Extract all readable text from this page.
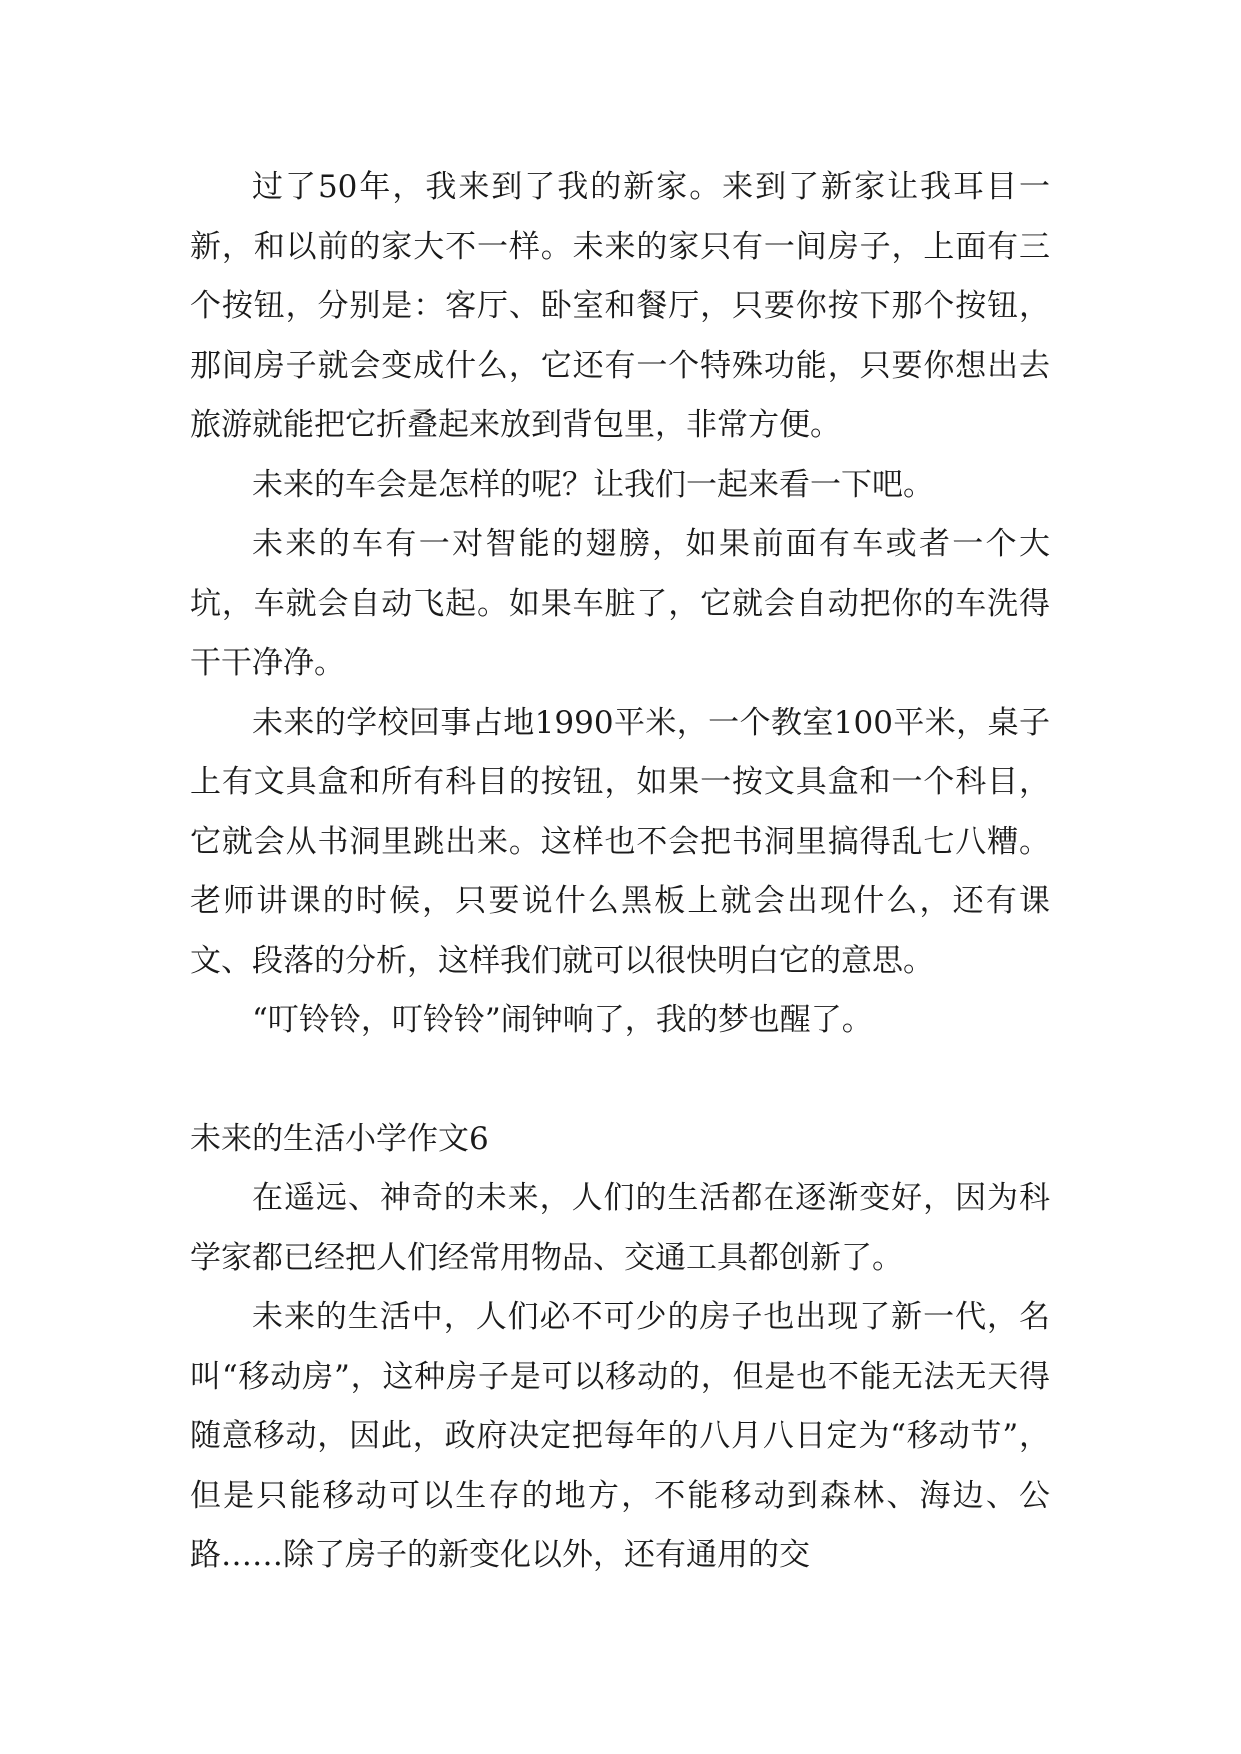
过了50年，我来到了我的新家。来到了新家让我耳目一新，和以前的家大不一样。未来的家只有一间房子，上面有三个按钮，分别是：客厅、卧室和餐厅，只要你按下那个按钮，那间房子就会变成什么，它还有一个特殊功能，只要你想出去旅游就能把它折叠起来放到背包里，非常方便。

未来的车会是怎样的呢？让我们一起来看一下吧。

未来的车有一对智能的翅膀，如果前面有车或者一个大坑，车就会自动飞起。如果车脏了，它就会自动把你的车洗得干干净净。

未来的学校回事占地1990平米，一个教室100平米，桌子上有文具盒和所有科目的按钮，如果一按文具盒和一个科目，它就会从书洞里跳出来。这样也不会把书洞里搞得乱七八糟。老师讲课的时候，只要说什么黑板上就会出现什么，还有课文、段落的分析，这样我们就可以很快明白它的意思。

“叮铃铃，叮铃铃”闹钟响了，我的梦也醒了。

未来的生活小学作文6

在遥远、神奇的未来，人们的生活都在逐渐变好，因为科学家都已经把人们经常用物品、交通工具都创新了。

未来的生活中，人们必不可少的房子也出现了新一代，名叫“移动房”，这种房子是可以移动的，但是也不能无法无天得随意移动，因此，政府决定把每年的八月八日定为“移动节”，但是只能移动可以生存的地方，不能移动到森林、海边、公路……除了房子的新变化以外，还有通用的交
